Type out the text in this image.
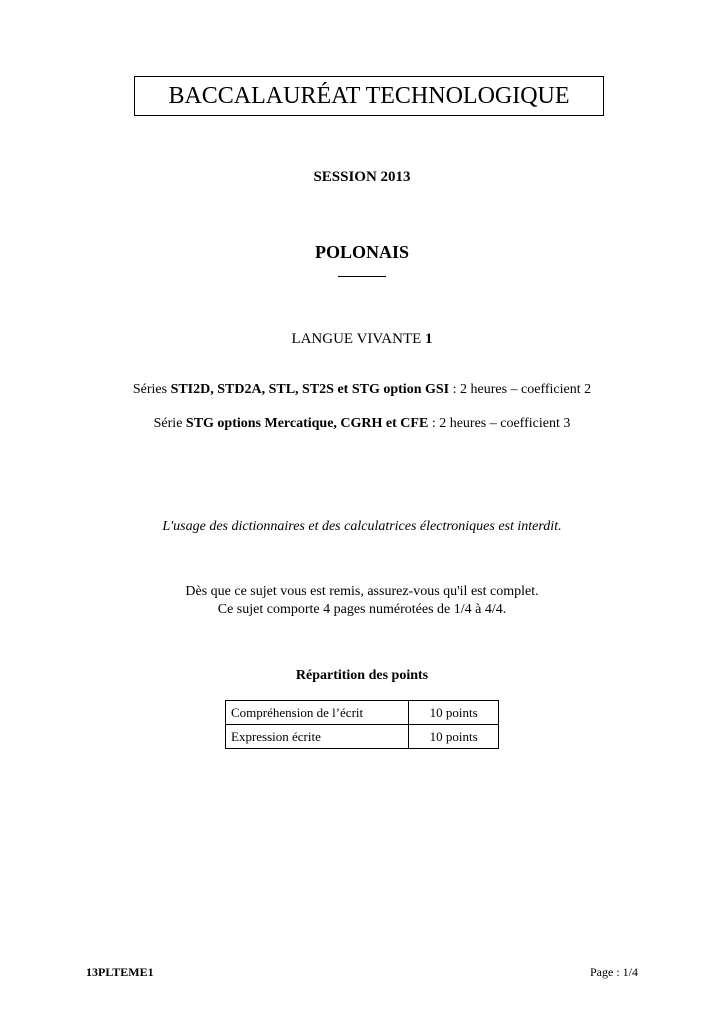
BACCALAURÉAT TECHNOLOGIQUE
SESSION 2013
POLONAIS
LANGUE VIVANTE 1
Séries STI2D, STD2A, STL, ST2S et STG option GSI : 2 heures – coefficient 2
Série STG options Mercatique, CGRH et CFE : 2 heures – coefficient 3
L'usage des dictionnaires et des calculatrices électroniques est interdit.
Dès que ce sujet vous est remis, assurez-vous qu'il est complet.
Ce sujet comporte 4 pages numérotées de 1/4 à 4/4.
Répartition des points
Compréhension de l’écrit	10 points
Expression écrite	10 points
13PLTEME1	Page : 1/4
